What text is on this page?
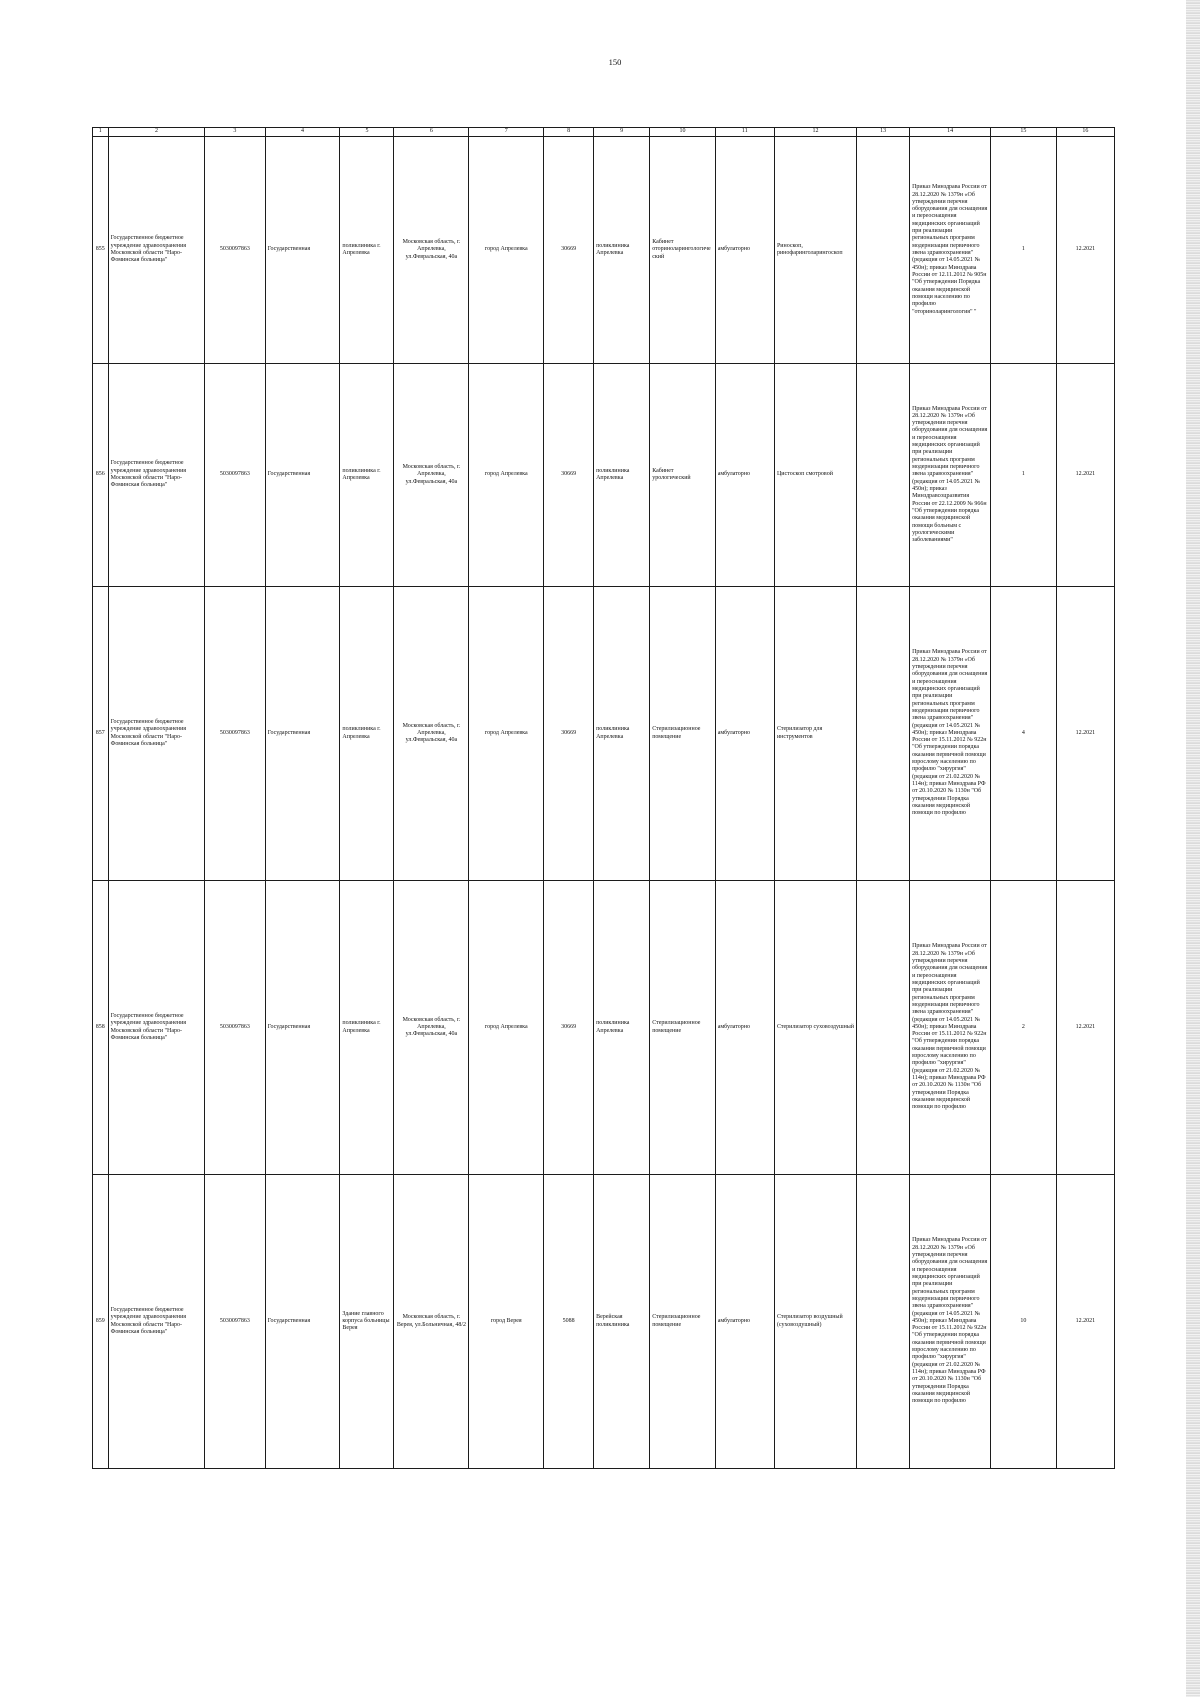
150
1	2	3	4	5	6	7	8	9	10	11	12	13	14	15	16
855	Государственное бюджетное учреждение здравоохранения Московской области "Наро-Фоминская больница"	5030097863	Государственная	поликлиника г. Апрелевка	Московская область, г. Апрелевка, ул.Февральская, 40а	город Апрелевка	30669	поликлиника Апрелевка	Кабинет оториноларингологический	амбулаторно	Риноскоп, ринофаринголарингоскоп		Приказ Минздрава России от 28.12.2020 № 1379н «Об утверждении перечня оборудования для оснащения и переоснащения медицинских организаций при реализации региональных программ модернизации первичного звена здравоохранения"(редакция от 14.05.2021 № 450н); приказ Минздрава России от 12.11.2012 № 905н "Об утверждении Порядка оказания медицинской помощи населению по профилю "оториноларингология" "	1	12.2021
856	Государственное бюджетное учреждение здравоохранения Московской области "Наро-Фоминская больница"	5030097863	Государственная	поликлиника г. Апрелевка	Московская область, г. Апрелевка, ул.Февральская, 40а	город Апрелевка	30669	поликлиника Апрелевка	Кабинет урологический	амбулаторно	Цистоскоп смотровой		Приказ Минздрава России от 28.12.2020 № 1379н «Об утверждении перечня оборудования для оснащения и переоснащения медицинских организаций при реализации региональных программ модернизации первичного звена здравоохранения"(редакция от 14.05.2021 № 450н); приказ Минздравсоцразвития России от 22.12.2009 № 966н "Об утверждении порядка оказания медицинской помощи больным с урологическими заболеваниями"	1	12.2021
857	Государственное бюджетное учреждение здравоохранения Московской области "Наро-Фоминская больница"	5030097863	Государственная	поликлиника г. Апрелевка	Московская область, г. Апрелевка, ул.Февральская, 40а	город Апрелевка	30669	поликлиника Апрелевка	Стерилизационное помещение	амбулаторно	Стерилизатор для инструментов		Приказ Минздрава России от 28.12.2020 № 1379н «Об утверждении перечня оборудования для оснащения и переоснащения медицинских организаций при реализации региональных программ модернизации первичного звена здравоохранения"(редакция от 14.05.2021 № 450н); приказ Минздрава России от 15.11.2012 № 922н "Об утверждении порядка оказания первичной помощи взрослому населению по профилю "хирургия" (редакция от 21.02.2020 № 114н); приказ Минздрава РФ от 20.10.2020 № 1130н "Об утверждении Порядка оказания медицинской помощи по профилю	4	12.2021
858	Государственное бюджетное учреждение здравоохранения Московской области "Наро-Фоминская больница"	5030097863	Государственная	поликлиника г. Апрелевка	Московская область, г. Апрелевка, ул.Февральская, 40а	город Апрелевка	30669	поликлиника Апрелевка	Стерилизационное помещение	амбулаторно	Стерилизатор суховоздушный		Приказ Минздрава России от 28.12.2020 № 1379н «Об утверждении перечня оборудования для оснащения и переоснащения медицинских организаций при реализации региональных программ модернизации первичного звена здравоохранения"(редакция от 14.05.2021 № 450н); приказ Минздрава России от 15.11.2012 № 922н "Об утверждении порядка оказания первичной помощи взрослому населению по профилю "хирургия" (редакция от 21.02.2020 № 114н); приказ Минздрава РФ от 20.10.2020 № 1130н "Об утверждении Порядка оказания медицинской помощи по профилю	2	12.2021
859	Государственное бюджетное учреждение здравоохранения Московской области "Наро-Фоминская больница"	5030097863	Государственная	Здание главного корпуса больницы Верея	Московская область, г. Верея, ул.Больничная, 48/2	город Верея	5088	Верейская поликлиника	Стерилизационное помещение	амбулаторно	Стерилизатор воздушный (суховоздушный)		Приказ Минздрава России от 28.12.2020 № 1379н «Об утверждении перечня оборудования для оснащения и переоснащения медицинских организаций при реализации региональных программ модернизации первичного звена здравоохранения"(редакция от 14.05.2021 № 450н); приказ Минздрава России от 15.11.2012 № 922н "Об утверждении порядка оказания первичной помощи взрослому населению по профилю "хирургия" (редакция от 21.02.2020 № 114н); приказ Минздрава РФ от 20.10.2020 № 1130н "Об утверждении Порядка оказания медицинской помощи по профилю	10	12.2021
